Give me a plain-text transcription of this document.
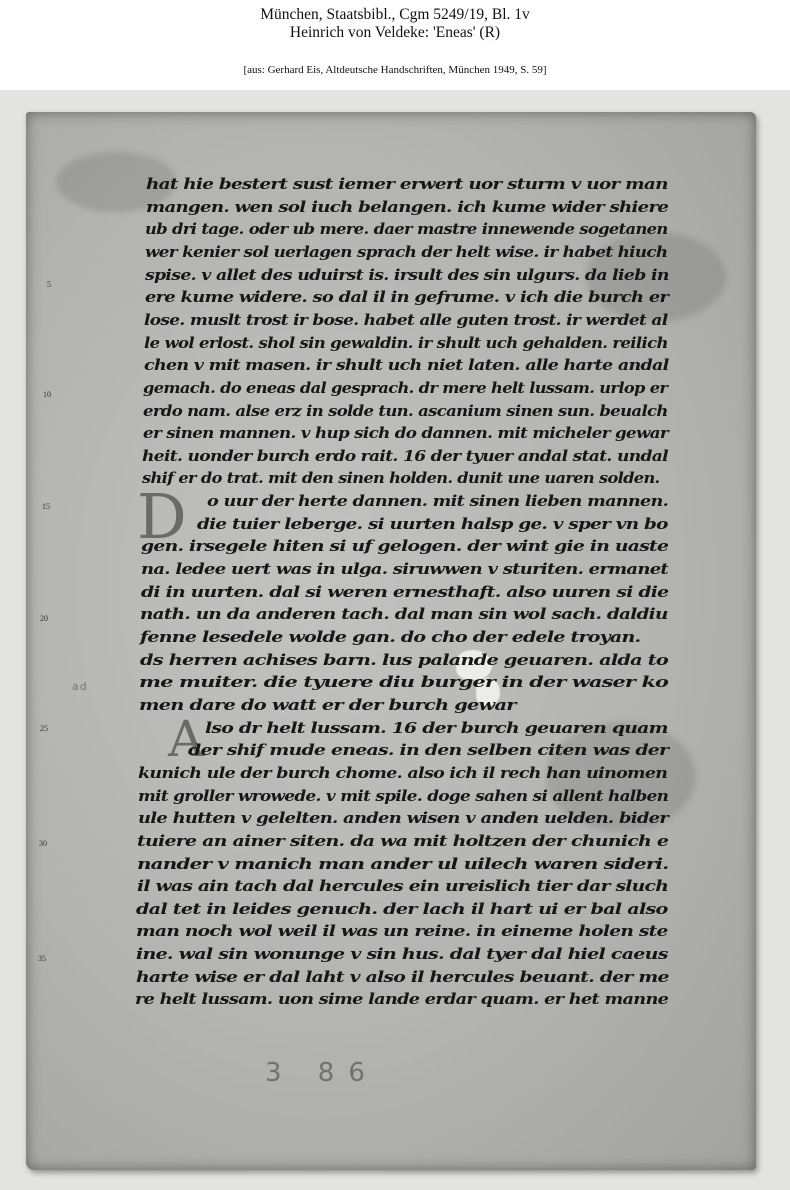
München, Staatsbibl., Cgm 5249/19, Bl. 1v
Heinrich von Veldeke: 'Eneas' (R)
[aus: Gerhard Eis, Altdeutsche Handschriften, München 1949, S. 59]
5
10
15
20
25
30
35
D
A
3 86
ad
hat hie bestert sust iemer erwert uor sturm v uor man
mangen. wen sol iuch belangen. ich kume wider shiere
ub dri tage. oder ub mere. daer mastre innewende sogetanen
wer kenier sol uerlagen sprach der helt wise. ir habet hiuch
spise. v allet des uduirst is. irsult des sin ulgurs. da lieb in
ere kume widere. so dal il in gefrume. v ich die burch er
lose. muslt trost ir bose. habet alle guten trost. ir werdet al
le wol erlost. shol sin gewaldin. ir shult uch gehalden. reilich
chen v mit masen. ir shult uch niet laten. alle harte andal
gemach. do eneas dal gesprach. dr mere helt lussam. urlop er
erdo nam. alse erz in solde tun. ascanium sinen sun. beualch
er sinen mannen. v hup sich do dannen. mit micheler gewar
heit. uonder burch erdo rait. 16 der tyuer andal stat. undal
shif er do trat. mit den sinen holden. dunit une uaren solden.
o uur der herte dannen. mit sinen lieben mannen.
die tuier leberge. si uurten halsp ge. v sper vn bo
gen. irsegele hiten si uf gelogen. der wint gie in uaste
na. ledee uert was in ulga. siruwwen v sturiten. ermanet
di in uurten. dal si weren ernesthaft. also uuren si die
nath. un da anderen tach. dal man sin wol sach. daldiu
fenne lesedele wolde gan. do cho der edele troyan.
ds herren achises barn. lus palande geuaren. alda to
me muiter. die tyuere diu burger in der waser ko
men dare do watt er der burch gewar
lso dr helt lussam. 16 der burch geuaren quam
der shif mude eneas. in den selben citen was der
kunich ule der burch chome. also ich il rech han uinomen
mit groller wrowede. v mit spile. doge sahen si allent halben
ule hutten v gelelten. anden wisen v anden uelden. bider
tuiere an ainer siten. da wa mit holtzen der chunich e
nander v manich man ander ul uilech waren sideri.
il was ain tach dal hercules ein ureislich tier dar sluch
dal tet in leides genuch. der lach il hart ui er bal also
man noch wol weil il was un reine. in eineme holen ste
ine. wal sin wonunge v sin hus. dal tyer dal hiel caeus
harte wise er dal laht v also il hercules beuant. der me
re helt lussam. uon sime lande erdar quam. er het manne
